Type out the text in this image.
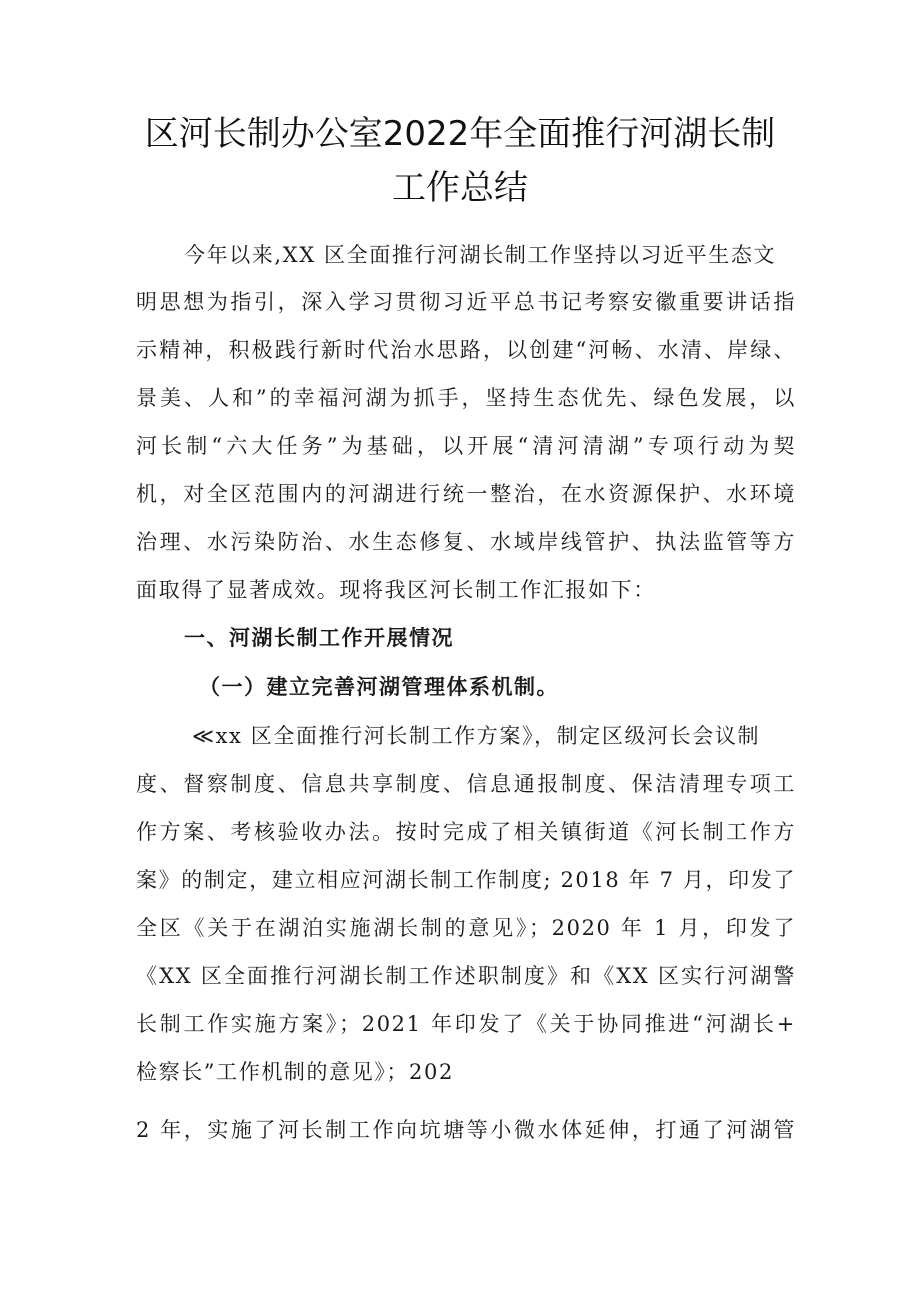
区河长制办公室2022年全面推行河湖长制
工作总结
今年以来,XX 区全面推行河湖长制工作坚持以习近平生态文
明思想为指引，深入学习贯彻习近平总书记考察安徽重要讲话指
示精神，积极践行新时代治水思路，以创建“河畅、水清、岸绿、
景美、人和”的幸福河湖为抓手，坚持生态优先、绿色发展，以
河长制“六大任务”为基础，以开展“清河清湖”专项行动为契
机，对全区范围内的河湖进行统一整治，在水资源保护、水环境
治理、水污染防治、水生态修复、水域岸线管护、执法监管等方
面取得了显著成效。现将我区河长制工作汇报如下：
一、河湖长制工作开展情况
（一）建立完善河湖管理体系机制。
≪xx 区全面推行河长制工作方案》，制定区级河长会议制
度、督察制度、信息共享制度、信息通报制度、保洁清理专项工
作方案、考核验收办法。按时完成了相关镇街道《河长制工作方
案》的制定，建立相应河湖长制工作制度; 2018 年 7 月，印发了
全区《关于在湖泊实施湖长制的意见》；2020 年 1 月，印发了
《XX 区全面推行河湖长制工作述职制度》和《XX 区实行河湖警
长制工作实施方案》；2021 年印发了《关于协同推进“河湖长+
检察长”工作机制的意见》；202
2 年，实施了河长制工作向坑塘等小微水体延伸，打通了河湖管
